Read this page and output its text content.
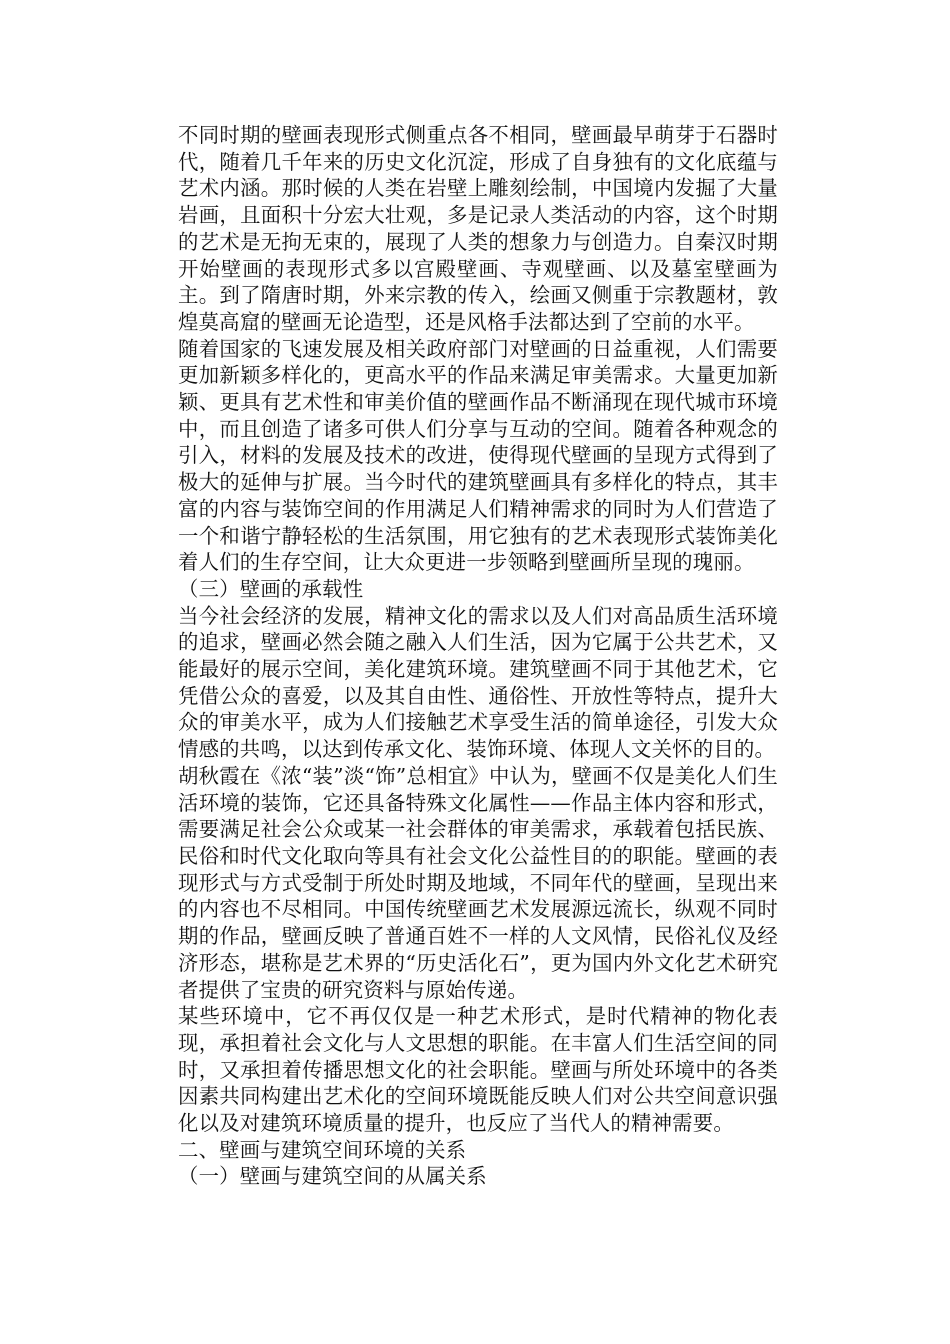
不同时期的壁画表现形式侧重点各不相同，壁画最早萌芽于石器时代，随着几千年来的历史文化沉淀，形成了自身独有的文化底蕴与艺术内涵。那时候的人类在岩壁上雕刻绘制，中国境内发掘了大量岩画，且面积十分宏大壮观，多是记录人类活动的内容，这个时期的艺术是无拘无束的，展现了人类的想象力与创造力。自秦汉时期开始壁画的表现形式多以宫殿壁画、寺观壁画、以及墓室壁画为主。到了隋唐时期，外来宗教的传入，绘画又侧重于宗教题材，敦煌莫高窟的壁画无论造型，还是风格手法都达到了空前的水平。

随着国家的飞速发展及相关政府部门对壁画的日益重视，人们需要更加新颖多样化的，更高水平的作品来满足审美需求。大量更加新颖、更具有艺术性和审美价值的壁画作品不断涌现在现代城市环境中，而且创造了诸多可供人们分享与互动的空间。随着各种观念的引入，材料的发展及技术的改进，使得现代壁画的呈现方式得到了极大的延伸与扩展。当今时代的建筑壁画具有多样化的特点，其丰富的内容与装饰空间的作用满足人们精神需求的同时为人们营造了一个和谐宁静轻松的生活氛围，用它独有的艺术表现形式装饰美化着人们的生存空间，让大众更进一步领略到壁画所呈现的瑰丽。

（三）壁画的承载性

当今社会经济的发展，精神文化的需求以及人们对高品质生活环境的追求，壁画必然会随之融入人们生活，因为它属于公共艺术，又能最好的展示空间，美化建筑环境。建筑壁画不同于其他艺术，它凭借公众的喜爱，以及其自由性、通俗性、开放性等特点，提升大众的审美水平，成为人们接触艺术享受生活的简单途径，引发大众情感的共鸣，以达到传承文化、装饰环境、体现人文关怀的目的。

胡秋霞在《浓“装”淡“饰”总相宜》中认为，壁画不仅是美化人们生活环境的装饰，它还具备特殊文化属性——作品主体内容和形式，需要满足社会公众或某一社会群体的审美需求，承载着包括民族、民俗和时代文化取向等具有社会文化公益性目的的职能。壁画的表现形式与方式受制于所处时期及地域，不同年代的壁画，呈现出来的内容也不尽相同。中国传统壁画艺术发展源远流长，纵观不同时期的作品，壁画反映了普通百姓不一样的人文风情，民俗礼仪及经济形态，堪称是艺术界的“历史活化石”，更为国内外文化艺术研究者提供了宝贵的研究资料与原始传递。

某些环境中，它不再仅仅是一种艺术形式，是时代精神的物化表现，承担着社会文化与人文思想的职能。在丰富人们生活空间的同时，又承担着传播思想文化的社会职能。壁画与所处环境中的各类因素共同构建出艺术化的空间环境既能反映人们对公共空间意识强化以及对建筑环境质量的提升，也反应了当代人的精神需要。

二、壁画与建筑空间环境的关系

（一）壁画与建筑空间的从属关系
